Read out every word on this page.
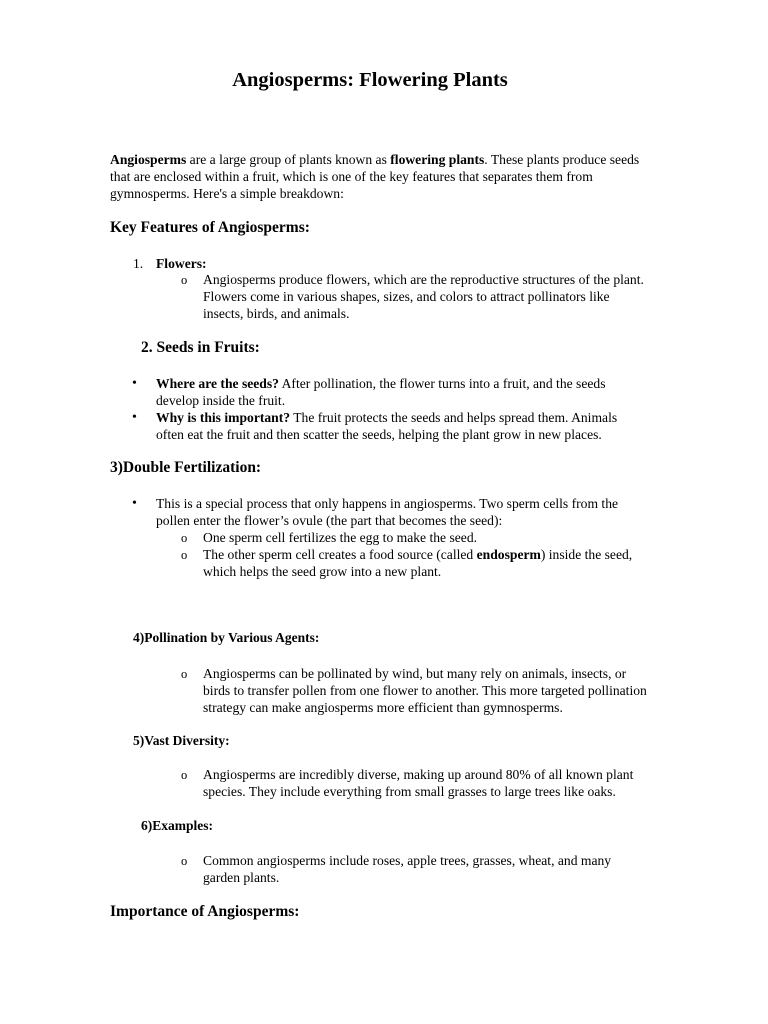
Angiosperms: Flowering Plants
Angiosperms are a large group of plants known as flowering plants. These plants produce seeds
that are enclosed within a fruit, which is one of the key features that separates them from
gymnosperms. Here's a simple breakdown:
Key Features of Angiosperms:
1. Flowers:
o Angiosperms produce flowers, which are the reproductive structures of the plant.
Flowers come in various shapes, sizes, and colors to attract pollinators like
insects, birds, and animals.
2. Seeds in Fruits:
• Where are the seeds? After pollination, the flower turns into a fruit, and the seeds
develop inside the fruit.
• Why is this important? The fruit protects the seeds and helps spread them. Animals
often eat the fruit and then scatter the seeds, helping the plant grow in new places.
3)Double Fertilization:
• This is a special process that only happens in angiosperms. Two sperm cells from the
pollen enter the flower’s ovule (the part that becomes the seed):
o One sperm cell fertilizes the egg to make the seed.
o The other sperm cell creates a food source (called endosperm) inside the seed,
which helps the seed grow into a new plant.
4)Pollination by Various Agents:
o Angiosperms can be pollinated by wind, but many rely on animals, insects, or
birds to transfer pollen from one flower to another. This more targeted pollination
strategy can make angiosperms more efficient than gymnosperms.
5)Vast Diversity:
o Angiosperms are incredibly diverse, making up around 80% of all known plant
species. They include everything from small grasses to large trees like oaks.
6)Examples:
o Common angiosperms include roses, apple trees, grasses, wheat, and many
garden plants.
Importance of Angiosperms:
